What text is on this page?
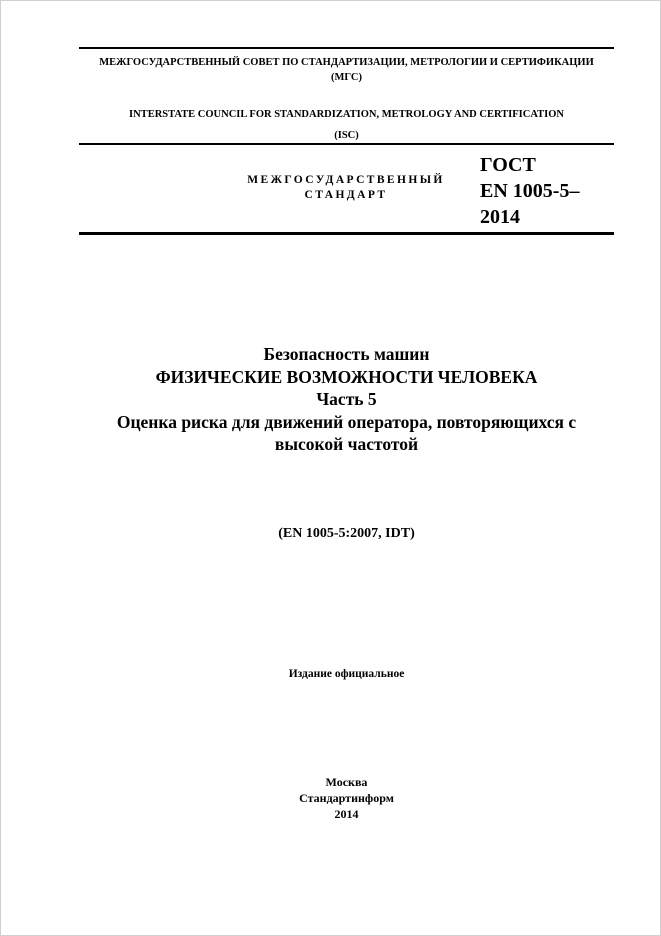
МЕЖГОСУДАРСТВЕННЫЙ СОВЕТ ПО СТАНДАРТИЗАЦИИ, МЕТРОЛОГИИ И СЕРТИФИКАЦИИ
(МГС)
INTERSTATE COUNCIL FOR STANDARDIZATION, METROLOGY AND CERTIFICATION
(ISC)
МЕЖГОСУДАРСТВЕННЫЙ
СТАНДАРТ
ГОСТ
EN 1005-5–
2014
Безопасность машин
ФИЗИЧЕСКИЕ ВОЗМОЖНОСТИ ЧЕЛОВЕКА
Часть 5
Оценка риска для движений оператора, повторяющихся с
высокой частотой
(EN 1005-5:2007, IDT)
Издание официальное
Москва
Стандартинформ
2014
